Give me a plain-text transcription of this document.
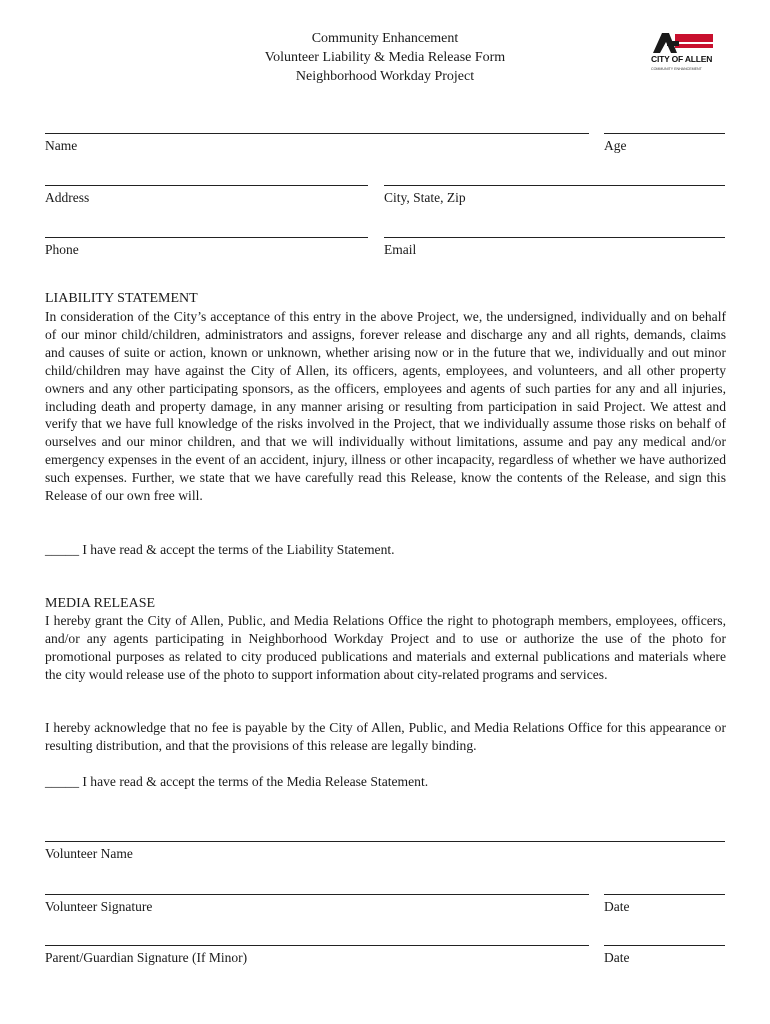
Community Enhancement
Volunteer Liability & Media Release Form
Neighborhood Workday Project
CITY OF ALLEN
COMMUNITY ENHANCEMENT
Name	Age
Address	City, State, Zip
Phone	Email
LIABILITY STATEMENT
In consideration of the City’s acceptance of this entry in the above Project, we, the undersigned, individually and on behalf of our minor child/children, administrators and assigns, forever release and discharge any and all rights, demands, claims and causes of suite or action, known or unknown, whether arising now or in the future that we, individually and out minor child/children may have against the City of Allen, its officers, agents, employees, and volunteers, and all other property owners and any other participating sponsors, as the officers, employees and agents of such parties for any and all injuries, including death and property damage, in any manner arising or resulting from participation in said Project. We attest and verify that we have full knowledge of the risks involved in the Project, that we individually assume those risks on behalf of ourselves and our minor children, and that we will individually without limitations, assume and pay any medical and/or emergency expenses in the event of an accident, injury, illness or other incapacity, regardless of whether we have authorized such expenses. Further, we state that we have carefully read this Release, know the contents of the Release, and sign this Release of our own free will.
_____ I have read & accept the terms of the Liability Statement.
MEDIA RELEASE
I hereby grant the City of Allen, Public, and Media Relations Office the right to photograph members, employees, officers, and/or any agents participating in Neighborhood Workday Project and to use or authorize the use of the photo for promotional purposes as related to city produced publications and materials and external publications and materials where the city would release use of the photo to support information about city-related programs and services.
I hereby acknowledge that no fee is payable by the City of Allen, Public, and Media Relations Office for this appearance or resulting distribution, and that the provisions of this release are legally binding.
_____ I have read & accept the terms of the Media Release Statement.
Volunteer Name
Volunteer Signature	Date
Parent/Guardian Signature (If Minor)	Date
